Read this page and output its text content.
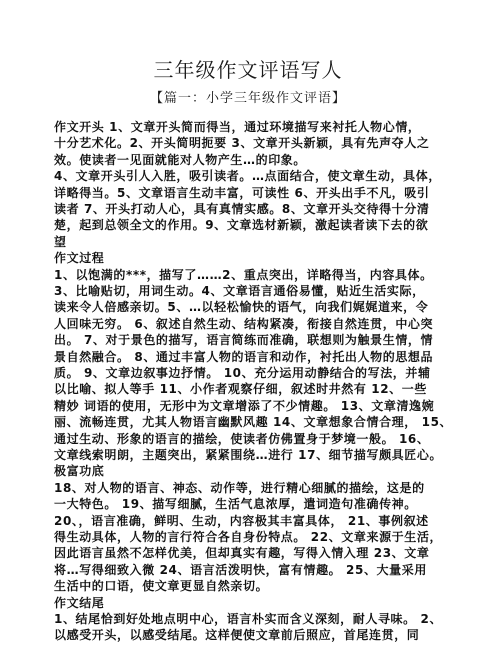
三年级作文评语写人
【篇一：小学三年级作文评语】
作文开头 1、文章开头简而得当，通过环境描写来衬托人物心情，
十分艺术化。2、开头简明扼要 3、文章开头新颖，具有先声夺人之
效。使读者一见面就能对人物产生…的印象。
4、文章开头引人入胜，吸引读者。…点面结合，使文章生动，具体，
详略得当。5、文章语言生动丰富，可读性 6、开头出手不凡，吸引
读者 7、开头打动人心，具有真情实感。8、文章开头交待得十分清
楚，起到总领全文的作用。9、文章选材新颖，激起读者读下去的欲
望
作文过程
1、以饱满的***，描写了……2、重点突出，详略得当，内容具体。
3、比喻贴切，用词生动。4、文章语言通俗易懂，贴近生活实际，
读来令人倍感亲切。5、…以轻松愉快的语气，向我们娓娓道来，令
人回味无穷。 6、叙述自然生动、结构紧凑，衔接自然连贯，中心突
出。 7、对于景色的描写，语言简练而准确，联想则为触景生情，情
景自然融合。 8、通过丰富人物的语言和动作，衬托出人物的思想品
质。 9、文章边叙事边抒情。 10、充分运用动静结合的写法，并辅
以比喻、拟人等手 11、小作者观察仔细，叙述时井然有 12、一些
精妙 词语的使用，无形中为文章增添了不少情趣。 13、文章清逸婉
丽、流畅连贯，尤其人物语言幽默风趣 14、文章想象合情合理， 15、
通过生动、形象的语言的描绘，使读者仿佛置身于梦境一般。 16、
文章线索明朗，主题突出，紧紧围绕…进行 17、细节描写颇具匠心。
极富功底
18、对人物的语言、神态、动作等，进行精心细腻的描绘，这是的
一大特色。 19、描写细腻，生活气息浓厚，遣词造句准确传神。
20、，语言准确，鲜明、生动，内容极其丰富具体， 21、事例叙述
得生动具体，人物的言行符合各自身份特点。 22、文章来源于生活，
因此语言虽然不怎样优美，但却真实有趣，写得入情入理 23、文章
将…写得细致入微 24、语言活泼明快，富有情趣。 25、大量采用
生活中的口语，使文章更显自然亲切。
作文结尾
1、结尾恰到好处地点明中心，语言朴实而含义深刻，耐人寻味。 2、
以感受开头，以感受结尾。这样便使文章前后照应，首尾连贯，同
